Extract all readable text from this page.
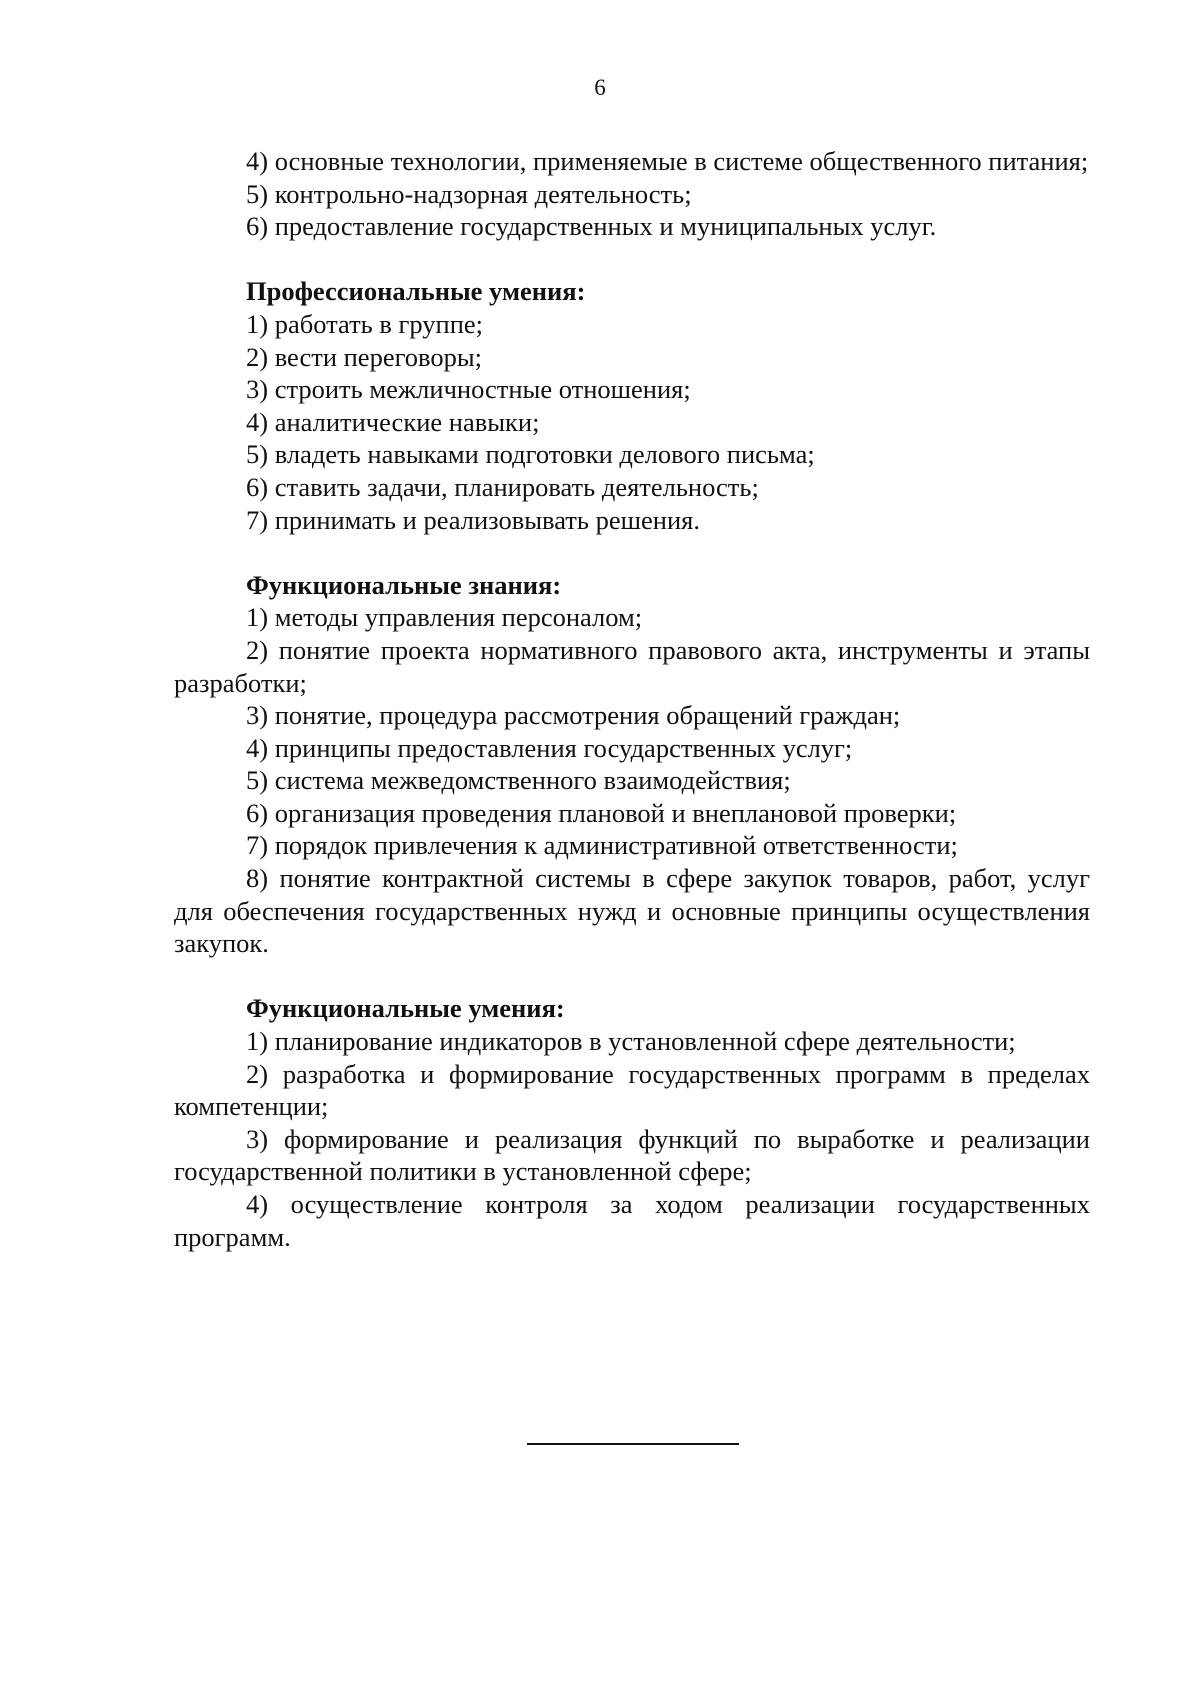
6

4) основные технологии, применяемые в системе общественного питания;

5) контрольно-надзорная деятельность;

6) предоставление государственных и муниципальных услуг.

Профессиональные умения:

1) работать в группе;

2) вести переговоры;

3) строить межличностные отношения;

4) аналитические навыки;

5) владеть навыками подготовки делового письма;

6) ставить задачи, планировать деятельность;

7) принимать и реализовывать решения.

Функциональные знания:

1) методы управления персоналом;

2) понятие проекта нормативного правового акта, инструменты и этапы разработки;

3) понятие, процедура рассмотрения обращений граждан;

4) принципы предоставления государственных услуг;

5) система межведомственного взаимодействия;

6) организация проведения плановой и внеплановой проверки;

7) порядок привлечения к административной ответственности;

8) понятие контрактной системы в сфере закупок товаров, работ, услуг для обеспечения государственных нужд и основные принципы осуществления закупок.

Функциональные умения:

1) планирование индикаторов в установленной сфере деятельности;

2) разработка и формирование государственных программ в пределах компетенции;

3) формирование и реализация функций по выработке и реализации государственной политики в установленной сфере;

4) осуществление контроля за ходом реализации государственных программ.
